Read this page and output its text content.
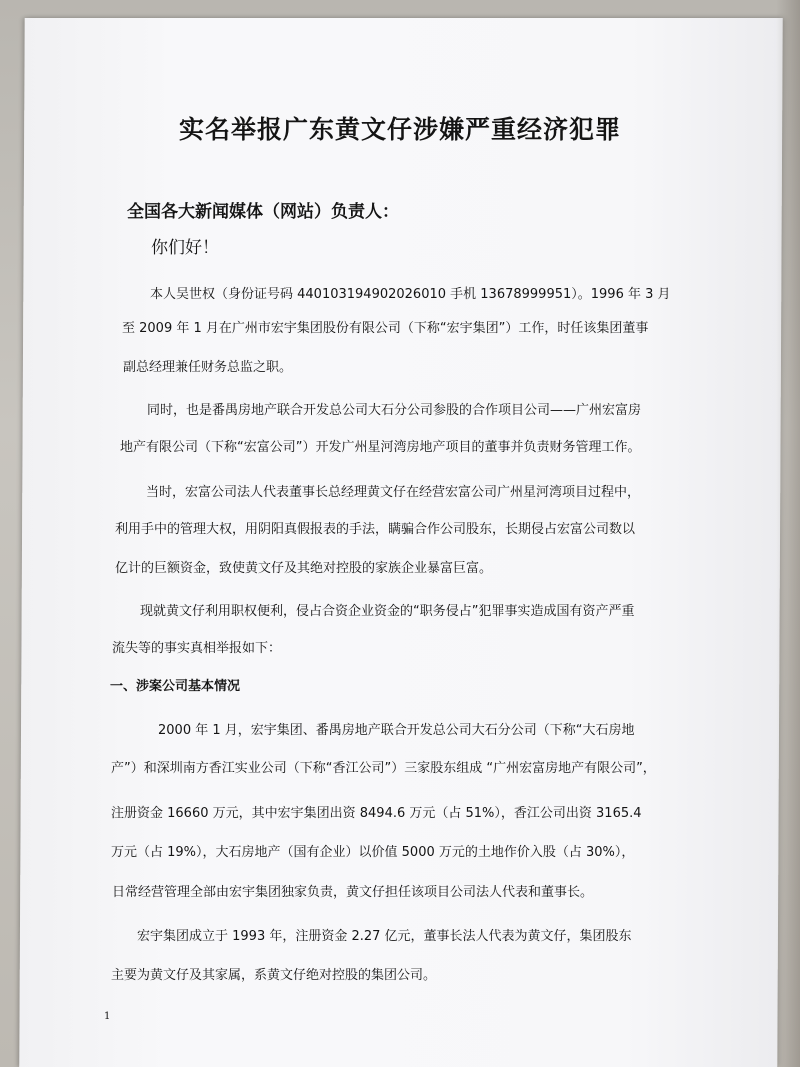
实名举报广东黄文仔涉嫌严重经济犯罪
全国各大新闻媒体（网站）负责人：
你们好！
本人吴世权（身份证号码 440103194902026010 手机 13678999951）。1996 年 3 月
至 2009 年 1 月在广州市宏宇集团股份有限公司（下称“宏宇集团”）工作，时任该集团董事
副总经理兼任财务总监之职。
同时，也是番禺房地产联合开发总公司大石分公司参股的合作项目公司——广州宏富房
地产有限公司（下称“宏富公司”）开发广州星河湾房地产项目的董事并负责财务管理工作。
当时，宏富公司法人代表董事长总经理黄文仔在经营宏富公司广州星河湾项目过程中，
利用手中的管理大权，用阴阳真假报表的手法，瞒骗合作公司股东，长期侵占宏富公司数以
亿计的巨额资金，致使黄文仔及其绝对控股的家族企业暴富巨富。
现就黄文仔利用职权便利，侵占合资企业资金的“职务侵占”犯罪事实造成国有资产严重
流失等的事实真相举报如下：
一、涉案公司基本情况
2000 年 1 月，宏宇集团、番禺房地产联合开发总公司大石分公司（下称“大石房地
产”）和深圳南方香江实业公司（下称“香江公司”）三家股东组成 “广州宏富房地产有限公司”，
注册资金 16660 万元，其中宏宇集团出资 8494.6 万元（占 51%），香江公司出资 3165.4
万元（占 19%），大石房地产（国有企业）以价值 5000 万元的土地作价入股（占 30%），
日常经营管理全部由宏宇集团独家负责，黄文仔担任该项目公司法人代表和董事长。
宏宇集团成立于 1993 年，注册资金 2.27 亿元，董事长法人代表为黄文仔，集团股东
主要为黄文仔及其家属，系黄文仔绝对控股的集团公司。
1
